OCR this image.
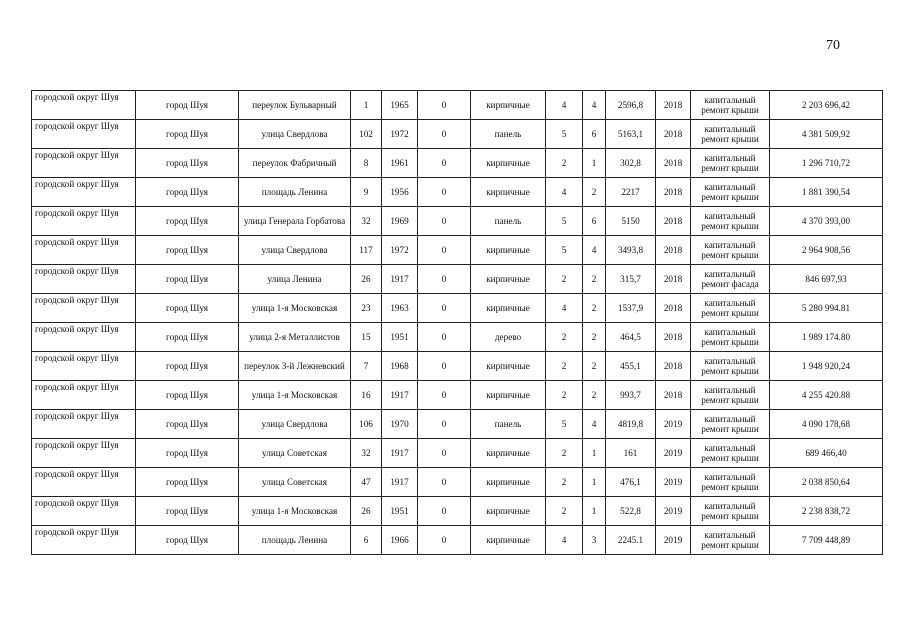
70
городской округ Шуя	город Шуя	переулок Бульварный	1	1965	0	кирпичные	4	4	2596,8	2018	капитальный ремонт крыши	2 203 696,42
городской округ Шуя	город Шуя	улица Свердлова	102	1972	0	панель	5	6	5163,1	2018	капитальный ремонт крыши	4 381 509,92
городской округ Шуя	город Шуя	переулок Фабричный	8	1961	0	кирпичные	2	1	302,8	2018	капитальный ремонт крыши	1 296 710,72
городской округ Шуя	город Шуя	площадь Ленина	9	1956	0	кирпичные	4	2	2217	2018	капитальный ремонт крыши	1 881 390,54
городской округ Шуя	город Шуя	улица Генерала Горбатова	32	1969	0	панель	5	6	5150	2018	капитальный ремонт крыши	4 370 393,00
городской округ Шуя	город Шуя	улица Свердлова	117	1972	0	кирпичные	5	4	3493,8	2018	капитальный ремонт крыши	2 964 908,56
городской округ Шуя	город Шуя	улица Ленина	26	1917	0	кирпичные	2	2	315,7	2018	капитальный ремонт фасада	846 697,93
городской округ Шуя	город Шуя	улица 1-я Московская	23	1963	0	кирпичные	4	2	1537,9	2018	капитальный ремонт крыши	5 280 994.81
городской округ Шуя	город Шуя	улица 2-я Металлистов	15	1951	0	дерево	2	2	464,5	2018	капитальный ремонт крыши	1 989 174.80
городской округ Шуя	город Шуя	переулок 3-й Лежневский	7	1968	0	кирпичные	2	2	455,1	2018	капитальный ремонт крыши	1 948 920,24
городской округ Шуя	город Шуя	улица 1-я Московская	16	1917	0	кирпичные	2	2	993,7	2018	капитальный ремонт крыши	4 255 420.88
городской округ Шуя	город Шуя	улица Свердлова	106	1970	0	панель	5	4	4819,8	2019	капитальный ремонт крыши	4 090 178,68
городской округ Шуя	город Шуя	улица Советская	32	1917	0	кирпичные	2	1	161	2019	капитальный ремонт крыши	689 466,40
городской округ Шуя	город Шуя	улица Советская	47	1917	0	кирпичные	2	1	476,1	2019	капитальный ремонт крыши	2 038 850,64
городской округ Шуя	город Шуя	улица 1-я Московская	26	1951	0	кирпичные	2	1	522,8	2019	капитальный ремонт крыши	2 238 838,72
городской округ Шуя	город Шуя	площадь Ленина	6	1966	0	кирпичные	4	3	2245.1	2019	капитальный ремонт крыши	7 709 448,89
